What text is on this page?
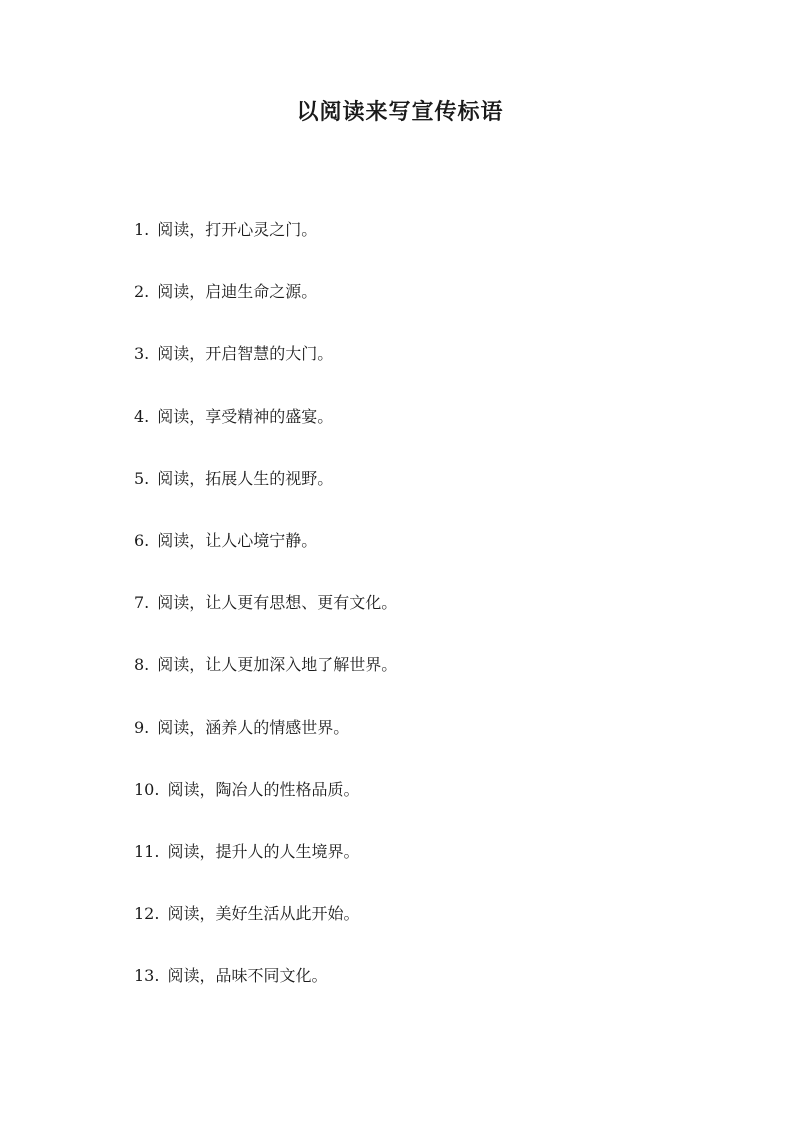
以阅读来写宣传标语
1. 阅读，打开心灵之门。
2. 阅读，启迪生命之源。
3. 阅读，开启智慧的大门。
4. 阅读，享受精神的盛宴。
5. 阅读，拓展人生的视野。
6. 阅读，让人心境宁静。
7. 阅读，让人更有思想、更有文化。
8. 阅读，让人更加深入地了解世界。
9. 阅读，涵养人的情感世界。
10. 阅读，陶冶人的性格品质。
11. 阅读，提升人的人生境界。
12. 阅读，美好生活从此开始。
13. 阅读，品味不同文化。
